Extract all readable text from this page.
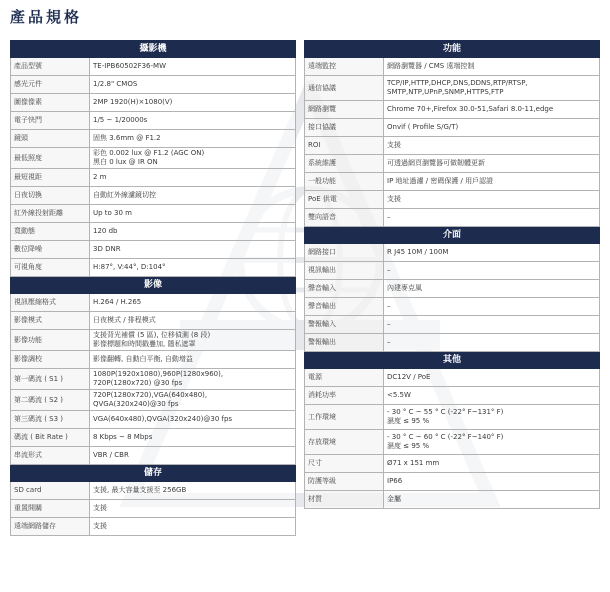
產品規格
攝影機	
產品型號	TE-IPB60502F36-MW

感光元件	1/2.8" CMOS

圖像像素	2MP 1920(H)×1080(V)

電子快門	1/5 ~ 1/20000s

鏡頭	固焦 3.6mm @ F1.2

最低照度	彩色 0.002 lux @ F1.2 (AGC ON)
黑白 0 lux @ IR ON

最短視距	2 m

日夜切換	自動紅外線濾鏡切控

紅外線投射距離	Up to 30 m

寬動態	120 db

數位降噪	3D DNR

可視角度	H:87°, V:44°, D:104°

影像	
視訊壓縮格式	H.264 / H.265

影像模式	日夜模式 / 排程模式

影像功能	支援背光補償 (5 區), 位移偵測 (8 段)
影像標題和時間戳疊加, 隱私遮罩

影像調校	影像翻轉, 自動白平衡, 自動增益

第一碼流 ( S1 )	1080P(1920x1080),960P(1280x960),
720P(1280x720) @30 fps

第二碼流 ( S2 )	720P(1280x720),VGA(640x480),
QVGA(320x240)@30 fps

第三碼流 ( S3 )	VGA(640x480),QVGA(320x240)@30 fps

碼流 ( Bit Rate )	8 Kbps ~ 8 Mbps

串流形式	VBR / CBR

儲存	
SD card	支援, 最大容量支援至 256GB

重置開關	支援

遠端網路儲存	支援
功能	
遠端監控	網路瀏覽器 / CMS 遠端控制

通信協議	TCP/IP,HTTP,DHCP,DNS,DDNS,RTP/RTSP,
SMTP,NTP,UPnP,SNMP,HTTPS,FTP

網路瀏覽	Chrome 70+,Firefox 30.0-51,Safari 8.0-11,edge

接口協議	Onvif ( Profile S/G/T)

ROI	支援

系統維護	可透過網頁瀏覽器可做韌體更新

一般功能	IP 地址過濾 / 密碼保護 / 用戶認證

PoE 供電	支援

雙向語音	–

介面	
網路接口	R J45 10M / 100M

視訊輸出	–

聲音輸入	內建麥克風

聲音輸出	–

警報輸入	–

警報輸出	–

其他	
電源	DC12V / PoE

消耗功率	<5.5W

工作環境	- 30 ° C ~ 55 ° C (-22° F~131° F)
濕度 ≤ 95 %

存放環境	- 30 ° C ~ 60 ° C (-22° F~140° F)
濕度 ≤ 95 %

尺寸	Ø71 x 151 mm

防護等級	IP66

材質	金屬
